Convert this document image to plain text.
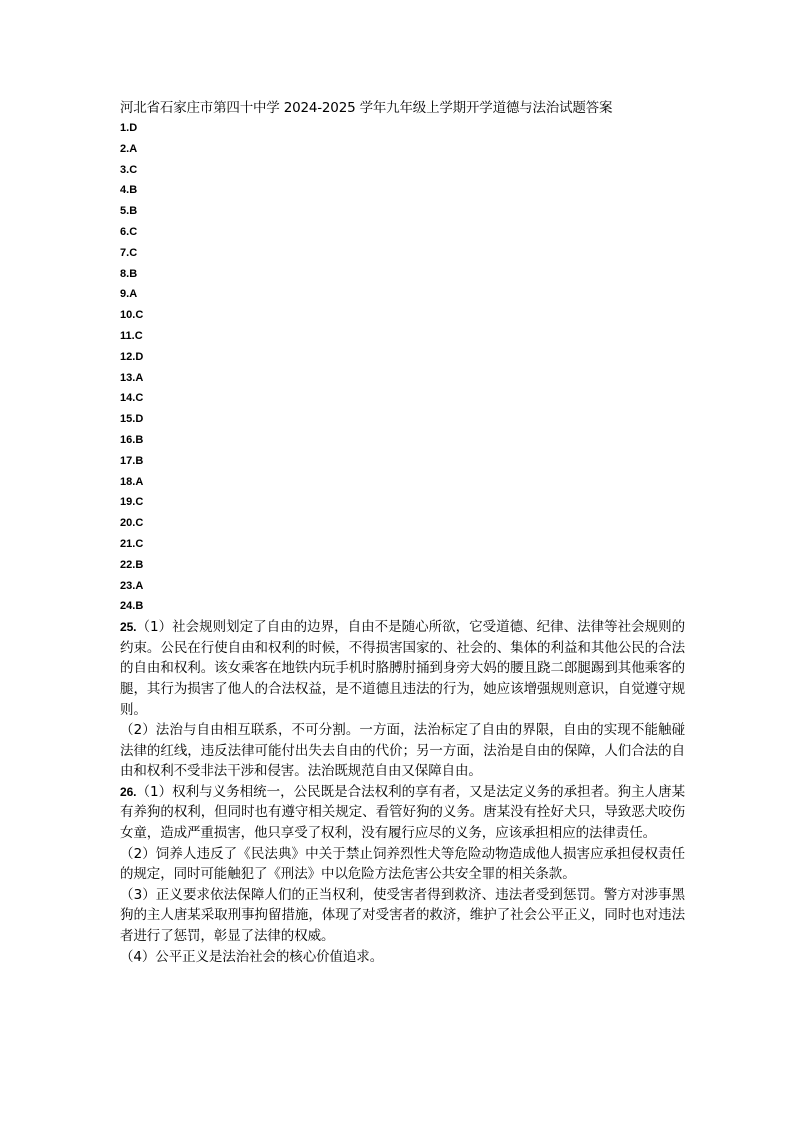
河北省石家庄市第四十中学 2024-2025 学年九年级上学期开学道德与法治试题答案
1.D
2.A
3.C
4.B
5.B
6.C
7.C
8.B
9.A
10.C
11.C
12.D
13.A
14.C
15.D
16.B
17.B
18.A
19.C
20.C
21.C
22.B
23.A
24.B

25.（1）社会规则划定了自由的边界，自由不是随心所欲，它受道德、纪律、法律等社会规则的约束。公民在行使自由和权利的时候，不得损害国家的、社会的、集体的利益和其他公民的合法的自由和权利。该女乘客在地铁内玩手机时胳膊肘捅到身旁大妈的腰且跷二郎腿踢到其他乘客的腿，其行为损害了他人的合法权益，是不道德且违法的行为，她应该增强规则意识，自觉遵守规则。

（2）法治与自由相互联系，不可分割。一方面，法治标定了自由的界限，自由的实现不能触碰法律的红线，违反法律可能付出失去自由的代价；另一方面，法治是自由的保障，人们合法的自由和权利不受非法干涉和侵害。法治既规范自由又保障自由。

26.（1）权利与义务相统一，公民既是合法权利的享有者，又是法定义务的承担者。狗主人唐某有养狗的权利，但同时也有遵守相关规定、看管好狗的义务。唐某没有拴好犬只，导致恶犬咬伤女童，造成严重损害，他只享受了权利，没有履行应尽的义务，应该承担相应的法律责任。

（2）饲养人违反了《民法典》中关于禁止饲养烈性犬等危险动物造成他人损害应承担侵权责任的规定，同时可能触犯了《刑法》中以危险方法危害公共安全罪的相关条款。

（3）正义要求依法保障人们的正当权利，使受害者得到救济、违法者受到惩罚。警方对涉事黑狗的主人唐某采取刑事拘留措施，体现了对受害者的救济，维护了社会公平正义，同时也对违法者进行了惩罚，彰显了法律的权威。

（4）公平正义是法治社会的核心价值追求。
